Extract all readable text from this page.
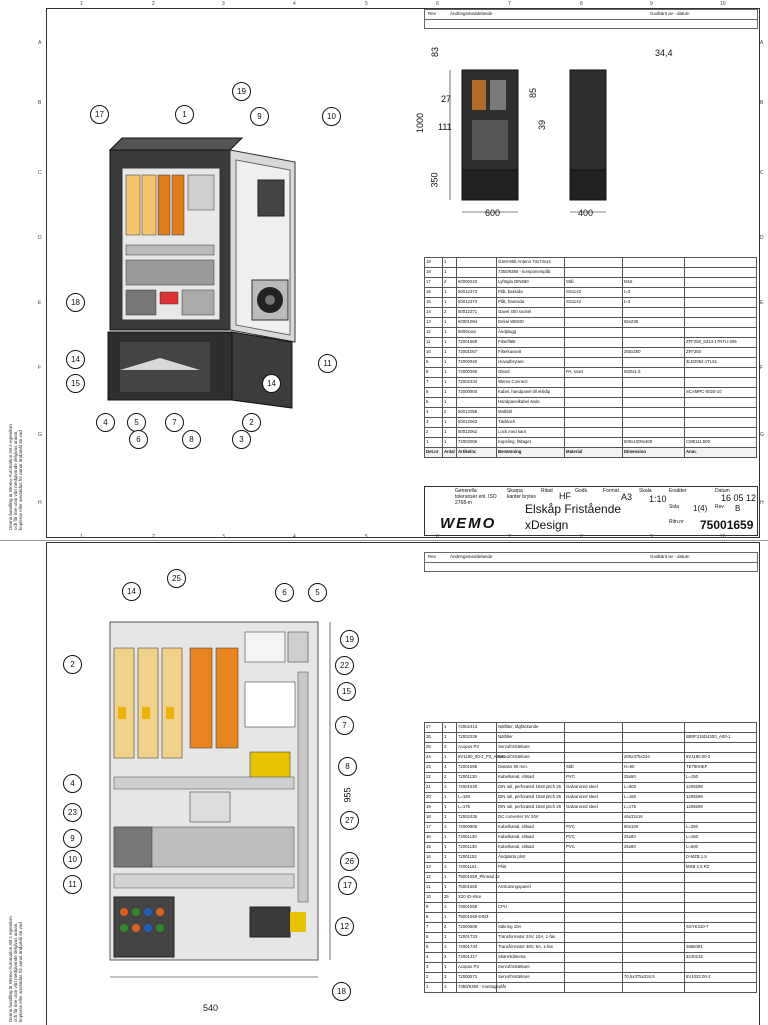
1	2	3	4	5	6	7	8	9	10
A
B
C
D
E
F
G
H
A
B
C
D
E
F
G
H
Rev	Ändringsmeddelande	Godkänt av - datum
17	1
19
9	10
18
14
15
11
14
4	5	7	2
6	8	3
83	34,4
27
85
1000 111	39
350
600	400
19	1		GSM-865 Antenn 73x73x14			
18	1		7350/9390 - komponentplåt			
17	2	60000243	Lyftögla DIN580	Stål	M16	
16	1	50012372	Plåt, baksida	SS1142	t=3	
15	1	50012373	Plåt, framsida	SS1142	t=3	
14	2	50012371	Gavel 400 sockel			
13	1	60001094	Dekal WEMO		65x235	
12	1	6000xxxx	Ändplugg			
11	1	72001669	Filterfläkt			ZFF250_6314-17NTU-206
10	1	72001057	Filterkassett		250x250	ZFF250
9	1	72000940	Huvudbrytare			3LD2054-1TL51
8	1	72000390	Gland	PA, svart	M20x1.5	
7	1	72002434	Wemo Connect			
6	1	72000900	Kabel, handpanel till elskåp			SCAMPC-0020-10
5	1		Handpanelkabel ände			
4	2	50012055	Motbläl			
3	1	50012063	Täcklock			
2	1	50012062	Lock med kant			
1	1	72002006	Kapsling, fältaget		600x1000x400	CM5111.500
Det.nr	Antal	Artikelnr.	Benämning	Material	Dimension	Anm.
Generella toleranser enl. ISO 2768-m
Skarpa kanter brytes
Ritad HF Godk.	Format
A3
Skala
1:10
Ersätter	Datum
16 05 12
Sida 1(4) Rev B
Ritn.nr
WEMO
Elskåp Fristående
xDesign	75001659
Denna handling är Wemo-Automation AB:s egendom och får inte utan vårt medgivande delgivas annan, kopieras eller användas för annat ändamål än vad
1	2	3	4	5	6	7	8	9	10
Rev	Ändringsmeddelande	Godkänt av - datum
955
540
14
25
6	5
19
2	22
15
7
4
8
23
27
9
10	26
11	17
12
18
27	1	72002413	Nätfilter, tågfäckande			
26	1	72002239	Nätfilter			BB0F216D4300_A00-1
25	2	Acopos P3	Servoförstärkare			
24	1	8V1180_00-2_P3_ASM1	Servoförstärkare		200x375x234	8V1180.00-2
23	3	72001595	Distans 90 mm.	Stål	H=90	TE790HEF
22	2	72001130	Kabelkanal, slitsad	PVC	25x60	L=150
21	1	72001640	DIN rail, perforated 15x8 pitch 25	Galvanized steel	L=500	1206599
20	1	L=150	DIN rail, perforated 15x8 pitch 25	Galvanized steel	L=150	1206599
19	1	L=175	DIN rail, perforated 15x8 pitch 25	Galvanized steel	L=175	1206599
18	1	72002435	DC converter 5V 24V		46x32x16	
17	1	72000905	Kabelkanal, slitsad	PVC	80x100	L=350
16	1	72001130	Kabelkanal, slitsad	PVC	25x80	L=160
15	1	72001130	Kabelkanal, slitsad	PVC	25x80	L=600
14	1	72001152	Ändplatta plint			D-MZB 1.5
13	1	72001151	Plint			MSB 2,5 RZ
12	1	75001659_Plintrad x2				
11	1	75001660	Anslutningspanel			
10	25	X20 IO-slice				
9	1	73001558	CPU			
8	1	75001659-DIN3				
7	2	72000609	Säkring 10A			SSYK310-7
6	1	72001733	Transformator 24V, 10A, 1-fas			
5	1	72001734	Transformator 48V, 5A, 1-fas			2868491
4	3	72001317	Skärmklämma			3240215
3	1	Acopos P3	Servoförstärkare			
2	3	72000572	Servoförstärkare		70,5x375x234,5	8V1022.00-2
1	1	7350/9390 - montageplåt				
Denna handling är Wemo-Automation AB:s egendom och får inte utan vårt medgivande delgivas annan, kopieras eller användas för annat ändamål än vad
